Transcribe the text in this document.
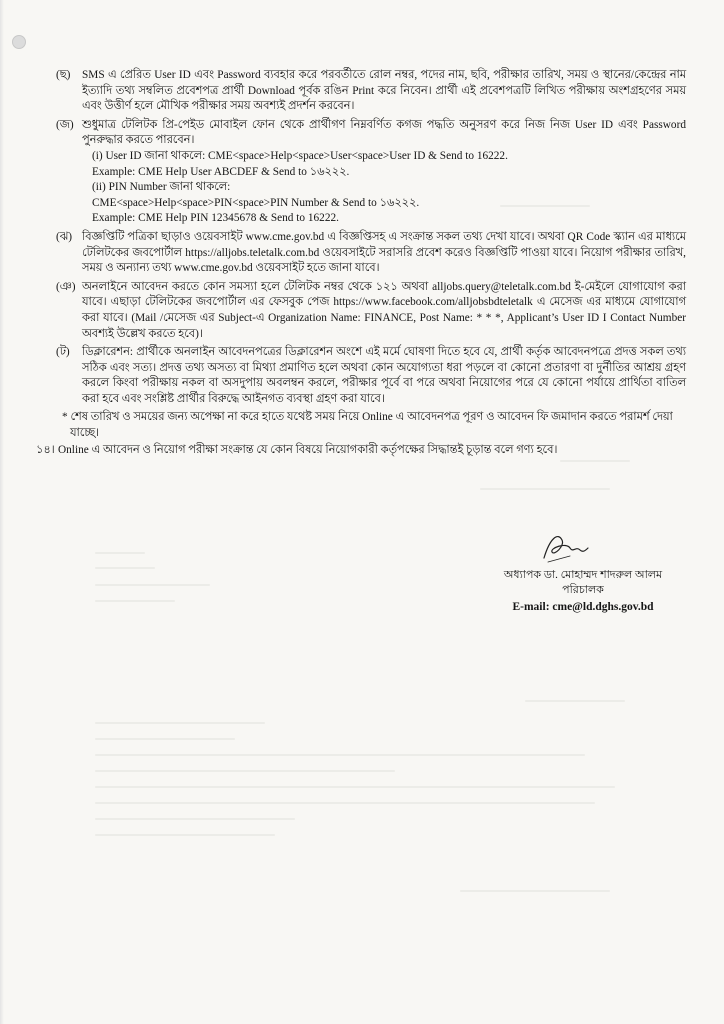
(ছ) SMS এ প্রেরিত User ID এবং Password ব্যবহার করে পরবর্তীতে রোল নম্বর, পদের নাম, ছবি, পরীক্ষার তারিখ, সময় ও স্থানের/কেন্দ্রের নাম ইত্যাদি তথ্য সম্বলিত প্রবেশপত্র প্রার্থী Download পূর্বক রঙিন Print করে নিবেন। প্রার্থী এই প্রবেশপত্রটি লিখিত পরীক্ষায় অংশগ্রহণের সময় এবং উত্তীর্ণ হলে মৌখিক পরীক্ষার সময় অবশ্যই প্রদর্শন করবেন।
(জ) শুধুমাত্র টেলিটক প্রি-পেইড মোবাইল ফোন থেকে প্রার্থীগণ নিম্নবর্ণিত কগজ পদ্ধতি অনুসরণ করে নিজ নিজ User ID এবং Password পুনরুদ্ধার করতে পারবেন।
(i) User ID জানা থাকলে: CME<space>Help<space>User<space>User ID & Send to 16222.
Example: CME Help User ABCDEF & Send to ১৬২২২.
(ii) PIN Number জানা থাকলে:
CME<space>Help<space>PIN<space>PIN Number & Send to ১৬২২২.
Example: CME Help PIN 12345678 & Send to 16222.
(ঝ) বিজ্ঞপ্তিটি পত্রিকা ছাড়াও ওয়েবসাইট www.cme.gov.bd এ বিজ্ঞপ্তিসহ এ সংক্রান্ত সকল তথ্য দেখা যাবে। অথবা QR Code স্ক্যান এর মাধ্যমে টেলিটকের জবপোর্টাল https://alljobs.teletalk.com.bd ওয়েবসাইটে সরাসরি প্রবেশ করেও বিজ্ঞপ্তিটি পাওয়া যাবে। নিয়োগ পরীক্ষার তারিখ, সময় ও অন্যান্য তথ্য www.cme.gov.bd ওয়েবসাইট হতে জানা যাবে।
(ঞ) অনলাইনে আবেদন করতে কোন সমস্যা হলে টেলিটক নম্বর থেকে ১২১ অথবা alljobs.query@teletalk.com.bd ই-মেইলে যোগাযোগ করা যাবে। এছাড়া টেলিটকের জবপোর্টাল এর ফেসবুক পেজ https://www.facebook.com/alljobsbdteletalk এ মেসেজ এর মাধ্যমে যোগাযোগ করা যাবে। (Mail /মেসেজ এর Subject-এ Organization Name: FINANCE, Post Name: * * *, Applicant’s User ID I Contact Number অবশ্যই উল্লেখ করতে হবে)।
(ট) ডিক্লারেশন: প্রার্থীকে অনলাইন আবেদনপত্রের ডিক্লারেশন অংশে এই মর্মে ঘোষণা দিতে হবে যে, প্রার্থী কর্তৃক আবেদনপত্রে প্রদত্ত সকল তথ্য সঠিক এবং সত্য। প্রদত্ত তথ্য অসত্য বা মিথ্যা প্রমাণিত হলে অথবা কোন অযোগ্যতা ধরা পড়লে বা কোনো প্রতারণা বা দুর্নীতির আশ্রয় গ্রহণ করলে কিংবা পরীক্ষায় নকল বা অসদুপায় অবলম্বন করলে, পরীক্ষার পূর্বে বা পরে অথবা নিয়োগের পরে যে কোনো পর্যায়ে প্রার্থিতা বাতিল করা হবে এবং সংশ্লিষ্ট প্রার্থীর বিরুদ্ধে আইনগত ব্যবস্থা গ্রহণ করা যাবে।
* শেষ তারিখ ও সময়ের জন্য অপেক্ষা না করে হাতে যথেষ্ট সময় নিয়ে Online এ আবেদনপত্র পূরণ ও আবেদন ফি জমাদান করতে পরামর্শ দেয়া যাচ্ছে।
১৪। Online এ আবেদন ও নিয়োগ পরীক্ষা সংক্রান্ত যে কোন বিষয়ে নিয়োগকারী কর্তৃপক্ষের সিদ্ধান্তই চূড়ান্ত বলে গণ্য হবে।
অধ্যাপক ডা. মোহাম্মদ শাদরুল আলম
পরিচালক
E-mail: cme@ld.dghs.gov.bd
